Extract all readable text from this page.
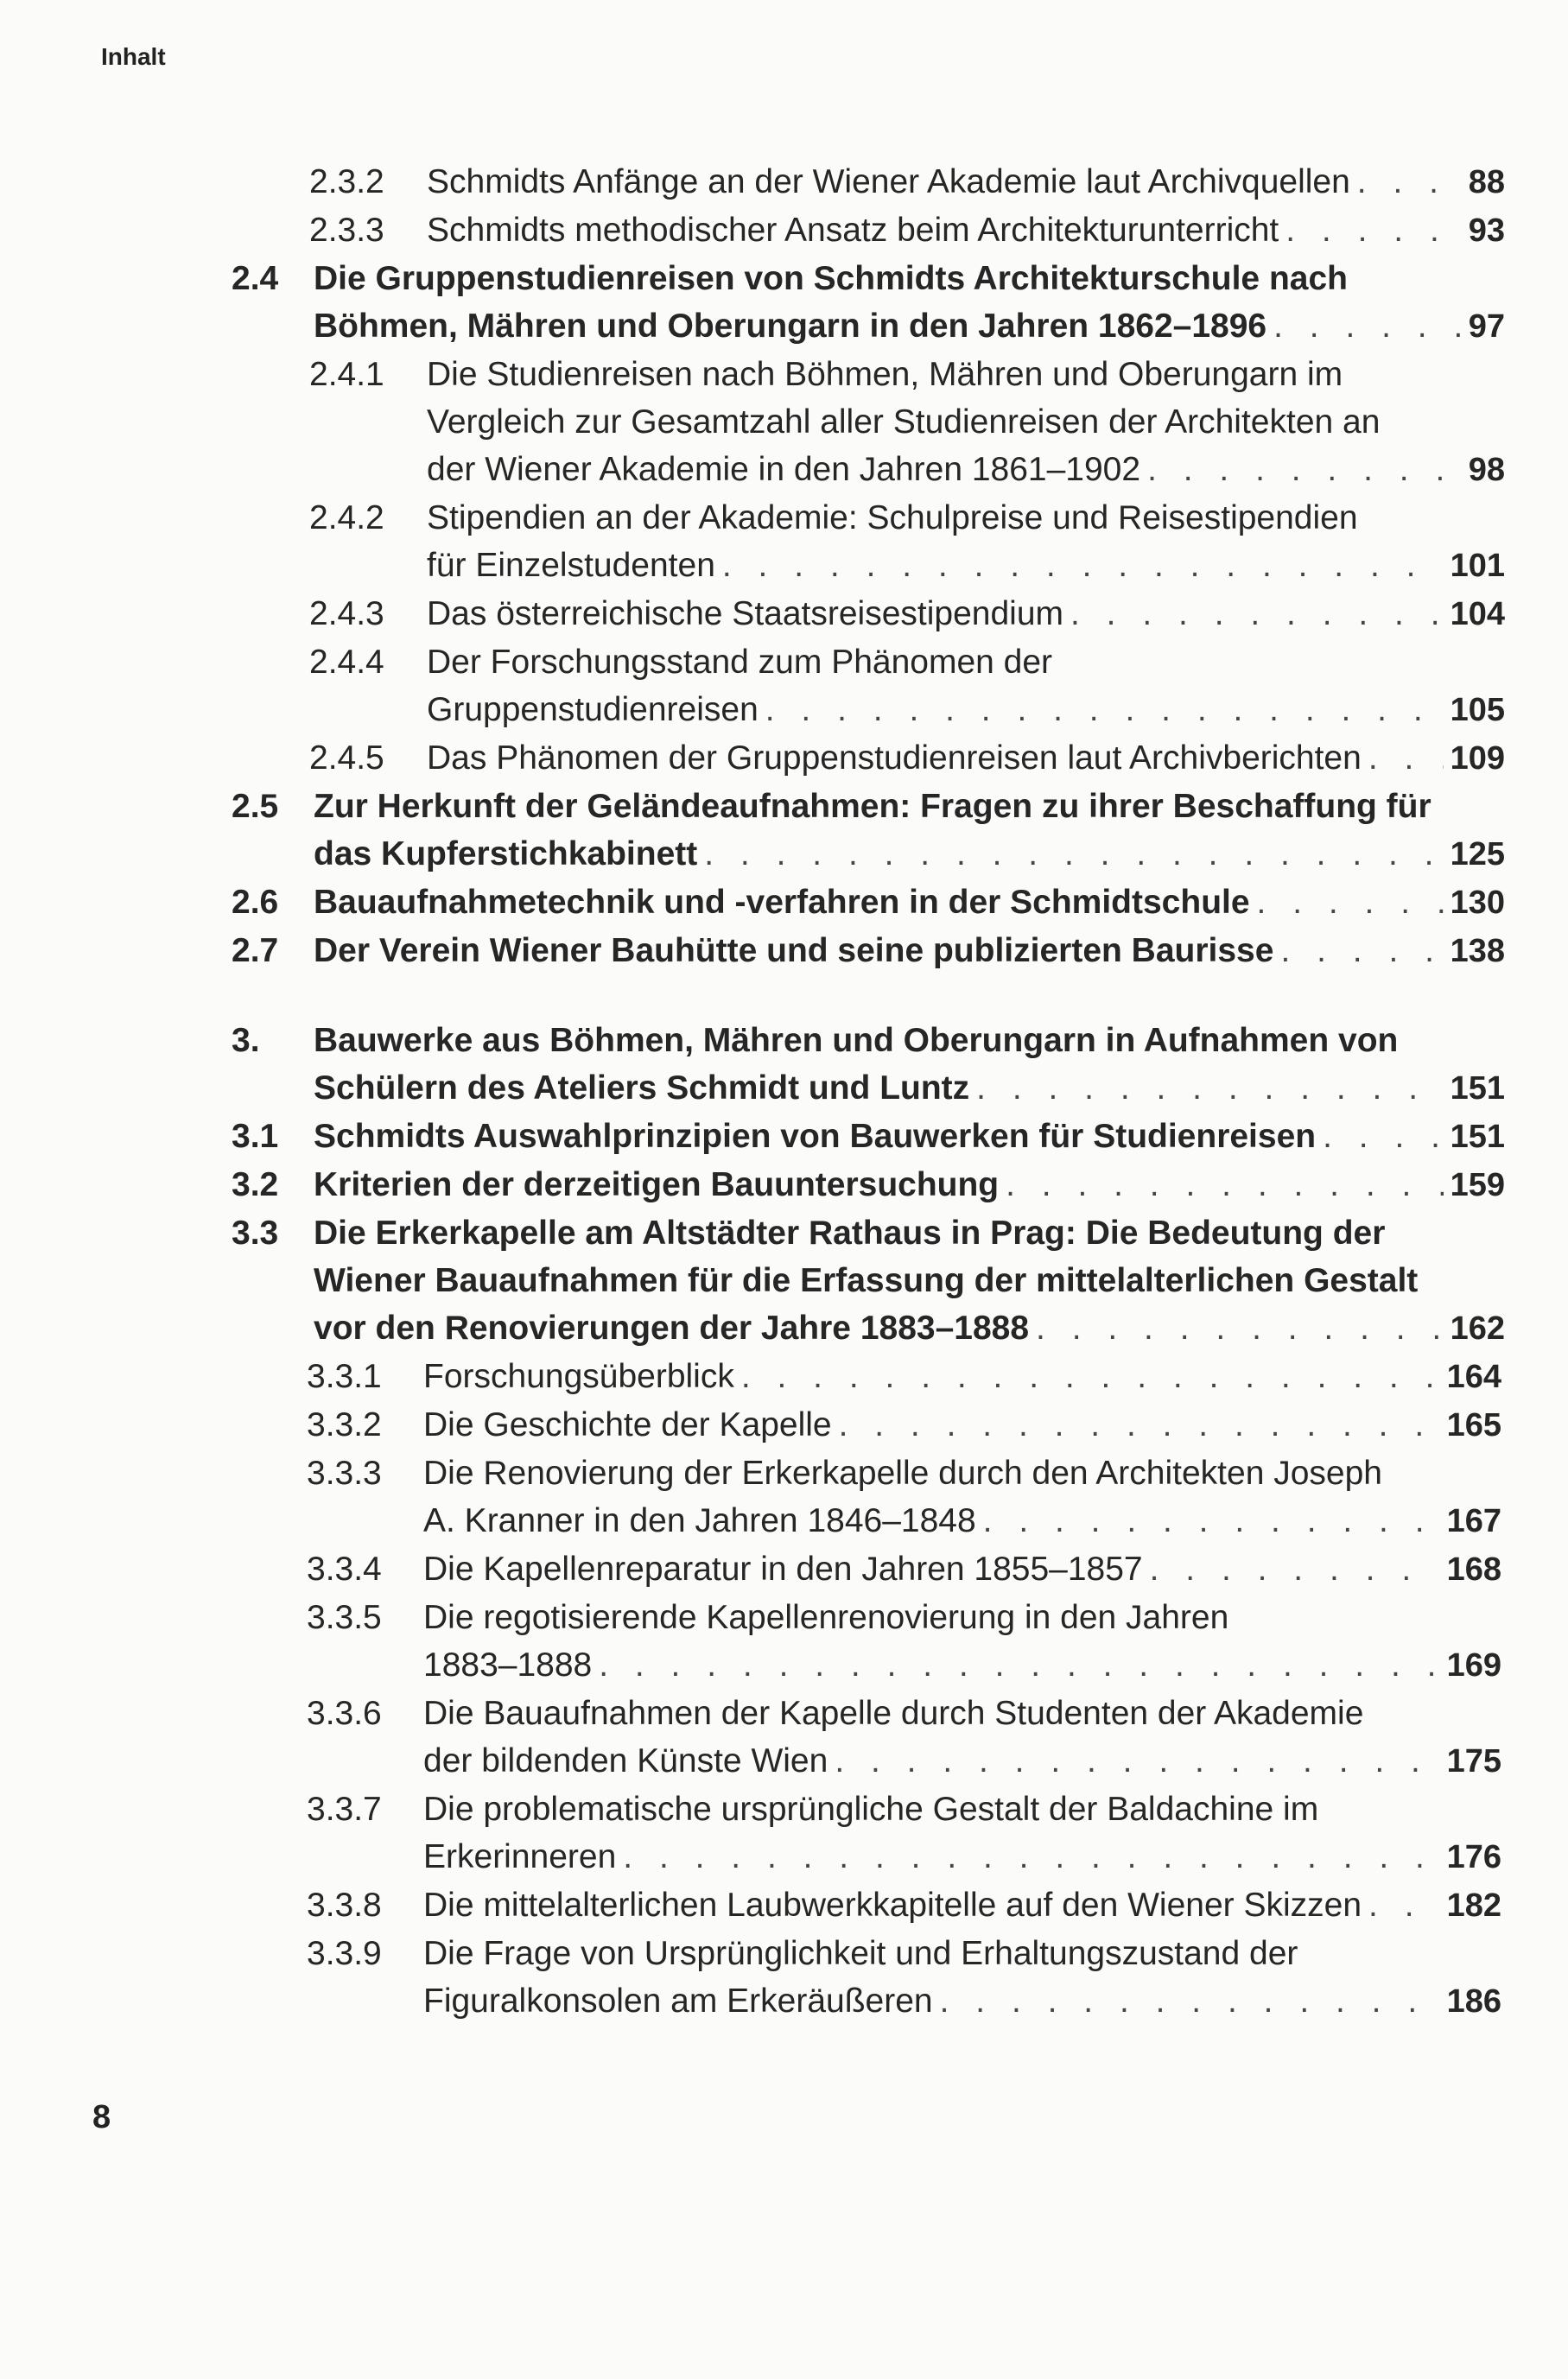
Inhalt
2.3.2 Schmidts Anfänge an der Wiener Akademie laut Archivquellen . . .	88
2.3.3 Schmidts methodischer Ansatz beim Architekturunterricht . . .	93
2.4 Die Gruppenstudienreisen von Schmidts Architekturschule nach
Böhmen, Mähren und Oberungarn in den Jahren 1862–1896 . . .	97
2.4.1 Die Studienreisen nach Böhmen, Mähren und Oberungarn im
Vergleich zur Gesamtzahl aller Studienreisen der Architekten an
der Wiener Akademie in den Jahren 1861–1902 . . .	98
2.4.2 Stipendien an der Akademie: Schulpreise und Reisestipendien
für Einzelstudenten . . .	101
2.4.3 Das österreichische Staatsreisestipendium . . .	104
2.4.4 Der Forschungsstand zum Phänomen der
Gruppenstudienreisen . . .	105
2.4.5 Das Phänomen der Gruppenstudienreisen laut Archivberichten . . .	109
2.5 Zur Herkunft der Geländeaufnahmen: Fragen zu ihrer Beschaffung für
das Kupferstichkabinett . . .	125
2.6 Bauaufnahmetechnik und -verfahren in der Schmidtschule . . .	130
2.7 Der Verein Wiener Bauhütte und seine publizierten Baurisse . . .	138
3. Bauwerke aus Böhmen, Mähren und Oberungarn in Aufnahmen von
Schülern des Ateliers Schmidt und Luntz . . .	151
3.1 Schmidts Auswahlprinzipien von Bauwerken für Studienreisen . . .	151
3.2 Kriterien der derzeitigen Bauuntersuchung . . .	159
3.3 Die Erkerkapelle am Altstädter Rathaus in Prag: Die Bedeutung der
Wiener Bauaufnahmen für die Erfassung der mittelalterlichen Gestalt
vor den Renovierungen der Jahre 1883–1888 . . .	162
3.3.1 Forschungsüberblick . . .	164
3.3.2 Die Geschichte der Kapelle . . .	165
3.3.3 Die Renovierung der Erkerkapelle durch den Architekten Joseph
A. Kranner in den Jahren 1846–1848 . . .	167
3.3.4 Die Kapellenreparatur in den Jahren 1855–1857 . . .	168
3.3.5 Die regotisierende Kapellenrenovierung in den Jahren
1883–1888 . . .	169
3.3.6 Die Bauaufnahmen der Kapelle durch Studenten der Akademie
der bildenden Künste Wien . . .	175
3.3.7 Die problematische ursprüngliche Gestalt der Baldachine im
Erkerinneren . . .	176
3.3.8 Die mittelalterlichen Laubwerkkapitelle auf den Wiener Skizzen . . .	182
3.3.9 Die Frage von Ursprünglichkeit und Erhaltungszustand der
Figuralkonsolen am Erkeräußeren . . .	186
8
